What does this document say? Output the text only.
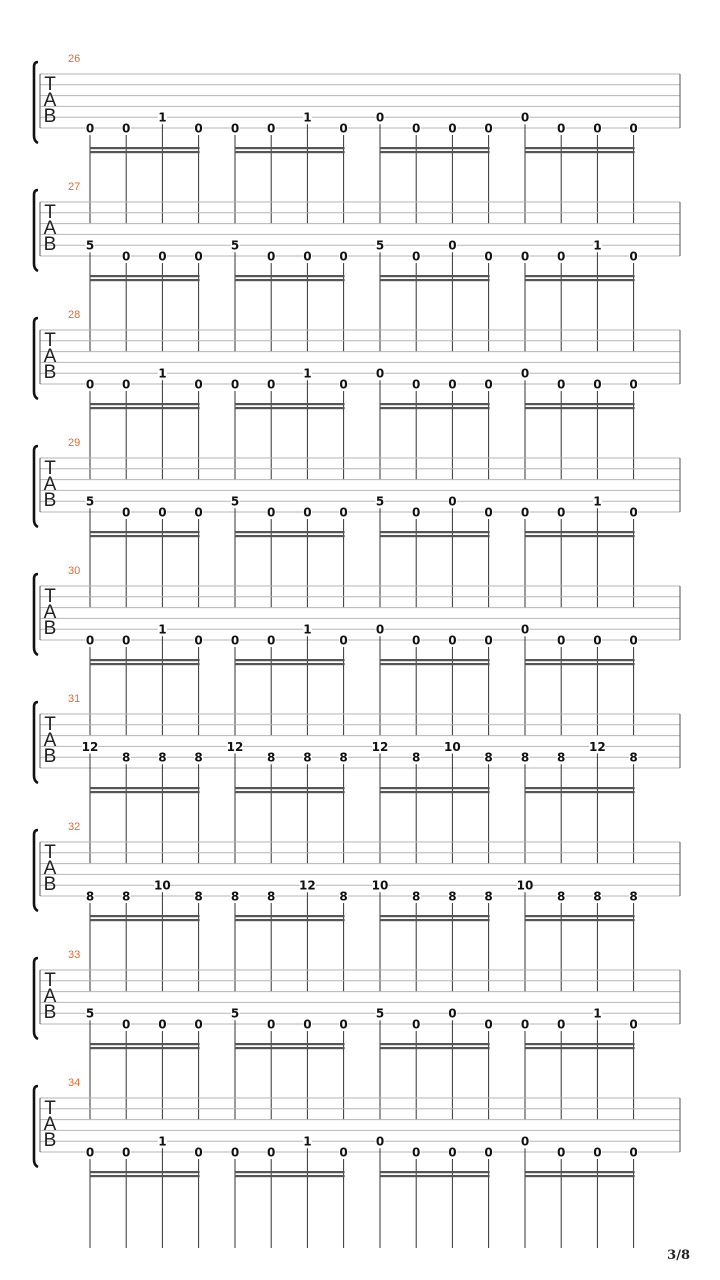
26
T
A
B
0 0
1
0 0 0
1
0
0
0 0 0
0
0 0 0
27
T
A
B 5
0 0 0
5
0 0 0
5
0
0
0 0 0
1
0
28
T
A
B
0 0
1
0 0 0
1
0
0
0 0 0
0
0 0 0
29
T
A
B 5
0 0 0
5
0 0 0
5
0
0
0 0 0
1
0
30
T
A
B
0 0
1
0 0 0
1
0
0
0 0 0
0
0 0 0
31
T
A
B 12
8 8 8
12
8 8 8
12
8
10
8 8 8
12
8
32
T
A
B
8 8
10
8 8 8
12
8
10
8 8 8
10
8 8 8
33
T
A
B 5
0 0 0
5
0 0 0
5
0
0
0 0 0
1
0
34
T
A
B
0 0
1
0 0 0
1
0
0
0 0 0
0
0 0 0
3/8
